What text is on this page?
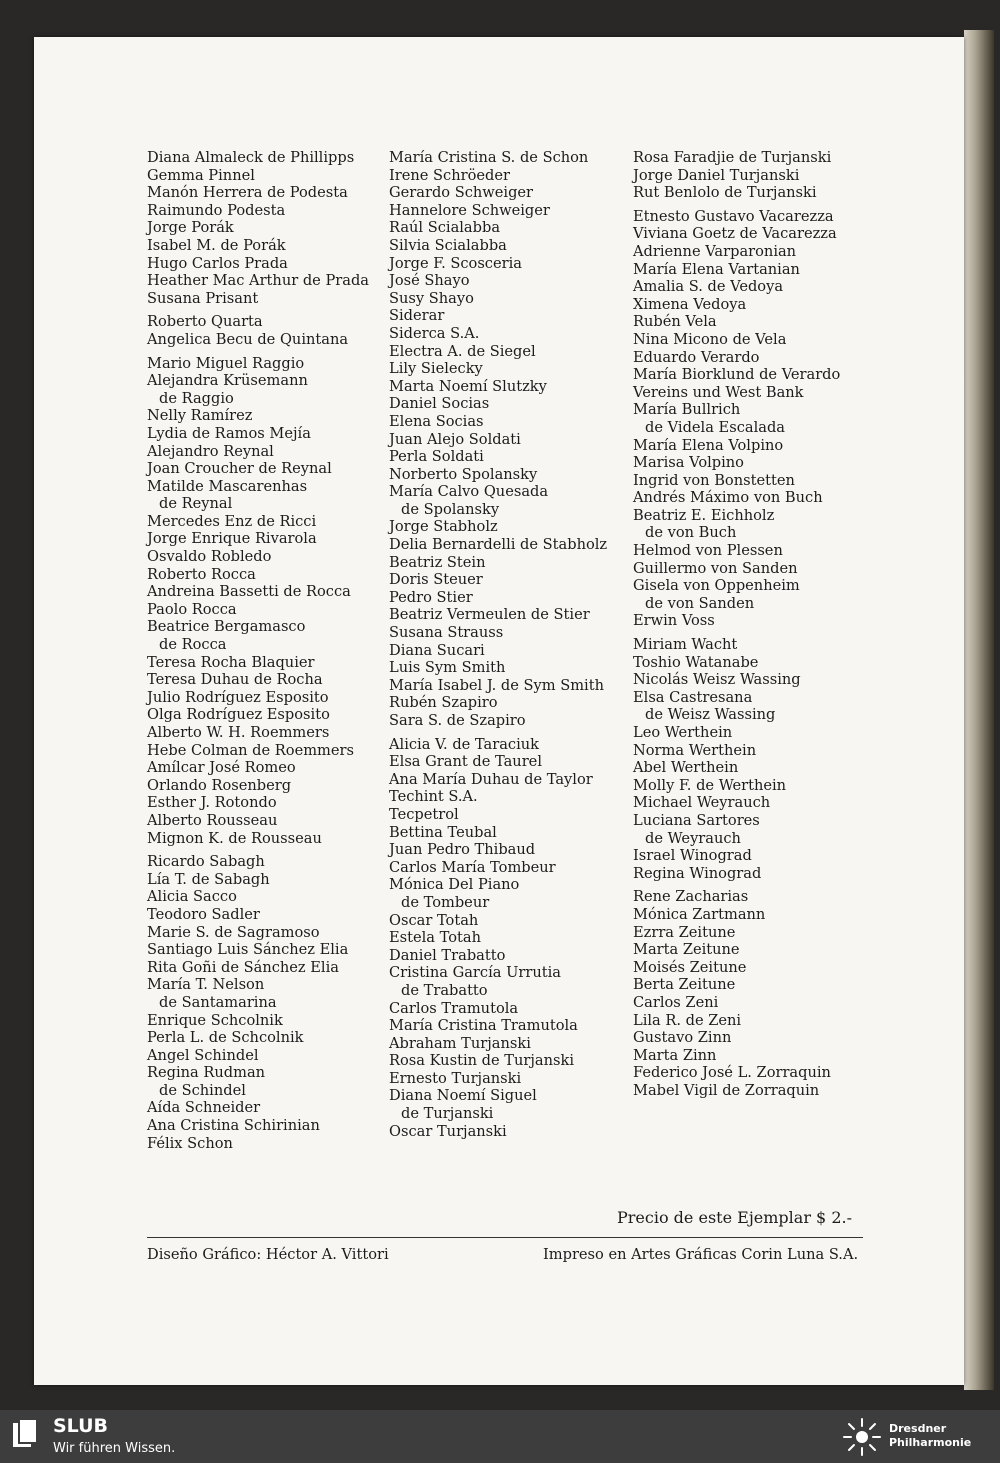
Diana Almaleck de Phillipps
Gemma Pinnel
Manón Herrera de Podesta
Raimundo Podesta
Jorge Porák
Isabel M. de Porák
Hugo Carlos Prada
Heather Mac Arthur de Prada
Susana Prisant
Roberto Quarta
Angelica Becu de Quintana
Mario Miguel Raggio
Alejandra Krüsemann
de Raggio
Nelly Ramírez
Lydia de Ramos Mejía
Alejandro Reynal
Joan Croucher de Reynal
Matilde Mascarenhas
de Reynal
Mercedes Enz de Ricci
Jorge Enrique Rivarola
Osvaldo Robledo
Roberto Rocca
Andreina Bassetti de Rocca
Paolo Rocca
Beatrice Bergamasco
de Rocca
Teresa Rocha Blaquier
Teresa Duhau de Rocha
Julio Rodríguez Esposito
Olga Rodríguez Esposito
Alberto W. H. Roemmers
Hebe Colman de Roemmers
Amílcar José Romeo
Orlando Rosenberg
Esther J. Rotondo
Alberto Rousseau
Mignon K. de Rousseau
Ricardo Sabagh
Lía T. de Sabagh
Alicia Sacco
Teodoro Sadler
Marie S. de Sagramoso
Santiago Luis Sánchez Elia
Rita Goñi de Sánchez Elia
María T. Nelson
de Santamarina
Enrique Schcolnik
Perla L. de Schcolnik
Angel Schindel
Regina Rudman
de Schindel
Aída Schneider
Ana Cristina Schirinian
Félix Schon
María Cristina S. de Schon
Irene Schröeder
Gerardo Schweiger
Hannelore Schweiger
Raúl Scialabba
Silvia Scialabba
Jorge F. Scosceria
José Shayo
Susy Shayo
Siderar
Siderca S.A.
Electra A. de Siegel
Lily Sielecky
Marta Noemí Slutzky
Daniel Socias
Elena Socias
Juan Alejo Soldati
Perla Soldati
Norberto Spolansky
María Calvo Quesada
de Spolansky
Jorge Stabholz
Delia Bernardelli de Stabholz
Beatriz Stein
Doris Steuer
Pedro Stier
Beatriz Vermeulen de Stier
Susana Strauss
Diana Sucari
Luis Sym Smith
María Isabel J. de Sym Smith
Rubén Szapiro
Sara S. de Szapiro
Alicia V. de Taraciuk
Elsa Grant de Taurel
Ana María Duhau de Taylor
Techint S.A.
Tecpetrol
Bettina Teubal
Juan Pedro Thibaud
Carlos María Tombeur
Mónica Del Piano
de Tombeur
Oscar Totah
Estela Totah
Daniel Trabatto
Cristina García Urrutia
de Trabatto
Carlos Tramutola
María Cristina Tramutola
Abraham Turjanski
Rosa Kustin de Turjanski
Ernesto Turjanski
Diana Noemí Siguel
de Turjanski
Oscar Turjanski
Rosa Faradjie de Turjanski
Jorge Daniel Turjanski
Rut Benlolo de Turjanski
Etnesto Gustavo Vacarezza
Viviana Goetz de Vacarezza
Adrienne Varparonian
María Elena Vartanian
Amalia S. de Vedoya
Ximena Vedoya
Rubén Vela
Nina Micono de Vela
Eduardo Verardo
María Biorklund de Verardo
Vereins und West Bank
María Bullrich
de Videla Escalada
María Elena Volpino
Marisa Volpino
Ingrid von Bonstetten
Andrés Máximo von Buch
Beatriz E. Eichholz
de von Buch
Helmod von Plessen
Guillermo von Sanden
Gisela von Oppenheim
de von Sanden
Erwin Voss
Miriam Wacht
Toshio Watanabe
Nicolás Weisz Wassing
Elsa Castresana
de Weisz Wassing
Leo Werthein
Norma Werthein
Abel Werthein
Molly F. de Werthein
Michael Weyrauch
Luciana Sartores
de Weyrauch
Israel Winograd
Regina Winograd
Rene Zacharias
Mónica Zartmann
Ezrra Zeitune
Marta Zeitune
Moisés Zeitune
Berta Zeitune
Carlos Zeni
Lila R. de Zeni
Gustavo Zinn
Marta Zinn
Federico José L. Zorraquin
Mabel Vigil de Zorraquin
Precio de este Ejemplar $ 2.-
Diseño Gráfico: Héctor A. Vittori	Impreso en Artes Gráficas Corin Luna S.A.
SLUB
Wir führen Wissen.
Dresdner
Philharmonie
